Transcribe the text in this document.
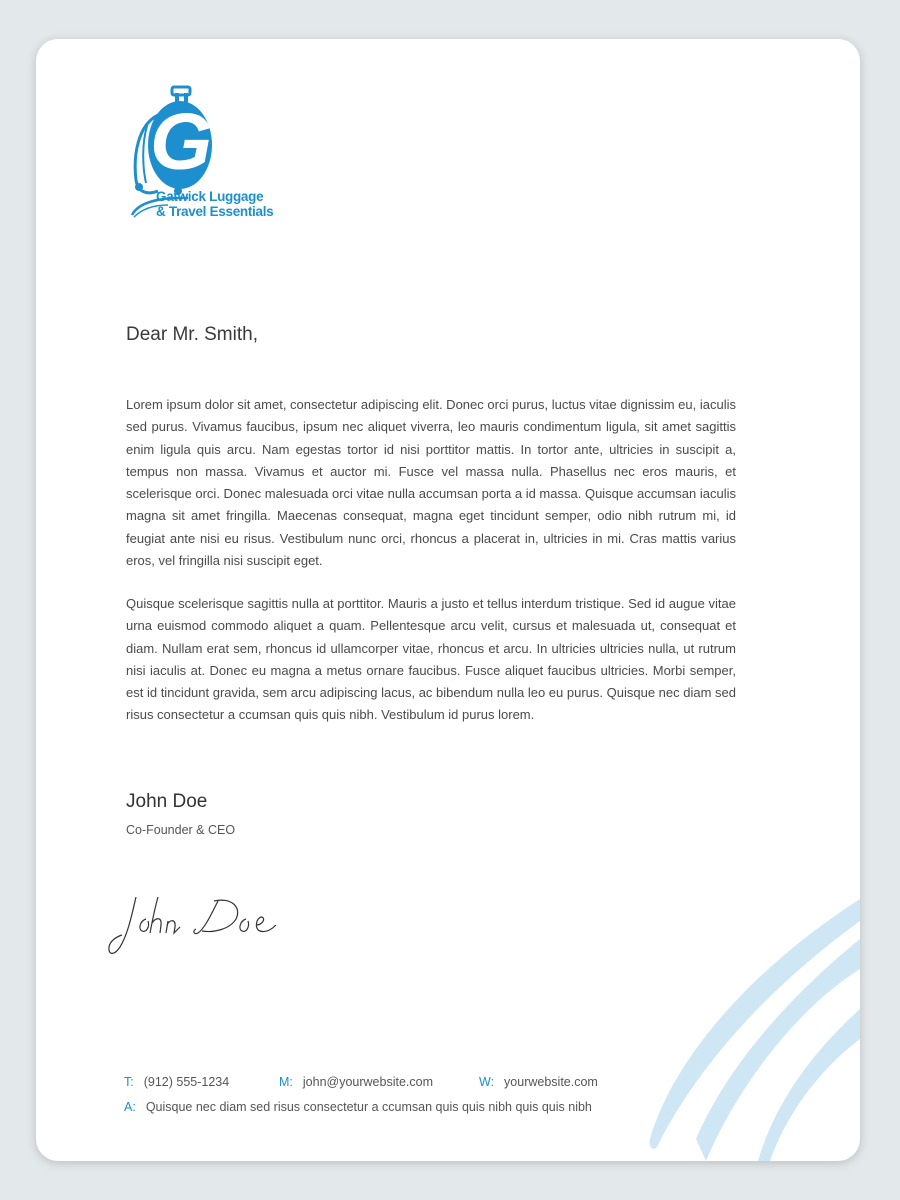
G
Gatwick Luggage
& Travel Essentials
Dear Mr. Smith,

Lorem ipsum dolor sit amet, consectetur adipiscing elit. Donec orci purus, luctus vitae dignissim eu, iaculis sed purus. Vivamus faucibus, ipsum nec aliquet viverra, leo mauris condimentum ligula, sit amet sagittis enim ligula quis arcu. Nam egestas tortor id nisi porttitor mattis. In tortor ante, ultricies in suscipit a, tempus non massa. Vivamus et auctor mi. Fusce vel massa nulla. Phasellus nec eros mauris, et scelerisque orci. Donec malesuada orci vitae nulla accumsan porta a id massa. Quisque accumsan iaculis magna sit amet fringilla. Maecenas consequat, magna eget tincidunt semper, odio nibh rutrum mi, id feugiat ante nisi eu risus. Vestibulum nunc orci, rhoncus a placerat in, ultricies in mi. Cras mattis varius eros, vel fringilla nisi suscipit eget.

Quisque scelerisque sagittis nulla at porttitor. Mauris a justo et tellus interdum tristique. Sed id augue vitae urna euismod commodo aliquet a quam. Pellentesque arcu velit, cursus et malesuada ut, consequat et diam. Nullam erat sem, rhoncus id ullamcorper vitae, rhoncus et arcu. In ultricies ultricies nulla, ut rutrum nisi iaculis at. Donec eu magna a metus ornare faucibus. Fusce aliquet faucibus ultricies. Morbi semper, est id tincidunt gravida, sem arcu adipiscing lacus, ac bibendum nulla leo eu purus. Quisque nec diam sed risus consectetur a ccumsan quis quis nibh. Vestibulum id purus lorem.

John Doe
Co-Founder & CEO
T: (912) 555-1234	M: john@yourwebsite.com	W: yourwebsite.com
A: Quisque nec diam sed risus consectetur a ccumsan quis quis nibh quis quis nibh
